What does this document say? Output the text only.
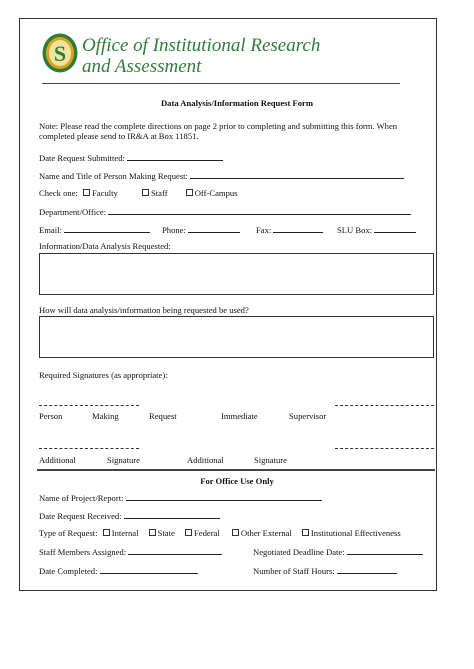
S Office of Institutional Research
and Assessment
Data Analysis/Information Request Form
Note: Please read the complete directions on page 2 prior to completing and submitting this form. When
completed please send to IR&A at Box 11851.
Date Request Submitted:
Name and Title of Person Making Request:
Check one: Faculty	Staff	Off-Campus
Department/Office:
Email:	Phone:	Fax:	SLU Box:
Information/Data Analysis Requested:
How will data analysis/information being requested be used?
Required Signatures (as appropriate):
Person	Making	Request	Immediate	Supervisor
Additional	Signature	Additional	Signature
For Office Use Only
Name of Project/Report:
Date Request Received:
Type of Request: Internal State Federal Other External Institutional Effectiveness
Staff Members Assigned:	Negotiated Deadline Date:
Date Completed:	Number of Staff Hours:
